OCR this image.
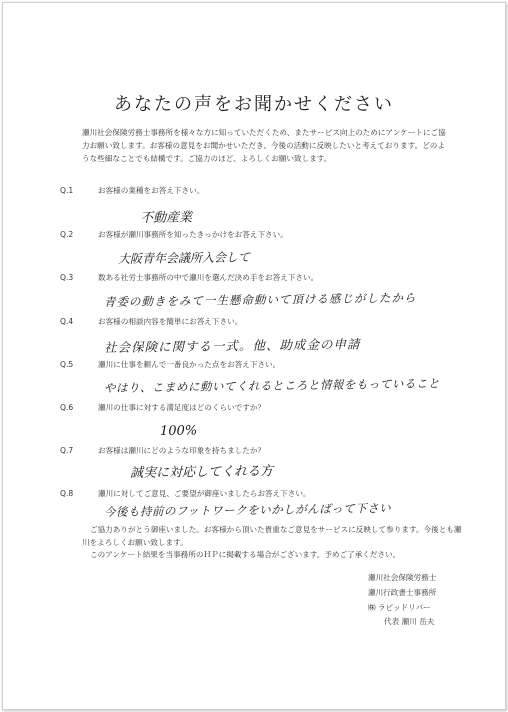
あなたの声をお聞かせください

瀬川社会保険労務士事務所を様々な方に知っていただくため、またサービス向上のためにアンケートにご協力お願い致します。お客様の意見をお聞かせいただき、今後の活動に反映したいと考えております。どのような些細なことでも結構です。ご協力のほど、よろしくお願い致します。

Q.1	お客様の業種をお答え下さい。
不動産業
Q.2	お客様が瀬川事務所を知ったきっかけをお答え下さい。
大阪青年会議所入会して
Q.3	数ある社労士事務所の中で瀬川を選んだ決め手をお答え下さい。
青委の動きをみて一生懸命動いて頂ける感じがしたから
Q.4	お客様の相談内容を簡単にお答え下さい。
社会保険に関する一式。他、助成金の申請
Q.5	瀬川に仕事を頼んで一番良かった点をお答え下さい。
やはり、こまめに動いてくれるところと情報をもっていること
Q.6	瀬川の仕事に対する満足度はどのくらいですか？
100%
Q.7	お客様は瀬川にどのような印象を持ちましたか？
誠実に対応してくれる方
Q.8	瀬川に対してご意見、ご要望が御座いましたらお答え下さい。
今後も持前のフットワークをいかしがんばって下さい
ご協力ありがとう御座いました。お客様から頂いた貴重なご意見をサービスに反映して参ります。今後とも瀬川をよろしくお願い致します。
このアンケート結果を当事務所のＨＰに掲載する場合がございます。予めご了承ください。
瀬川社会保険労務士
瀬川行政書士事務所
㈱ ラピッドリバー
代表 瀬川 岳夫
